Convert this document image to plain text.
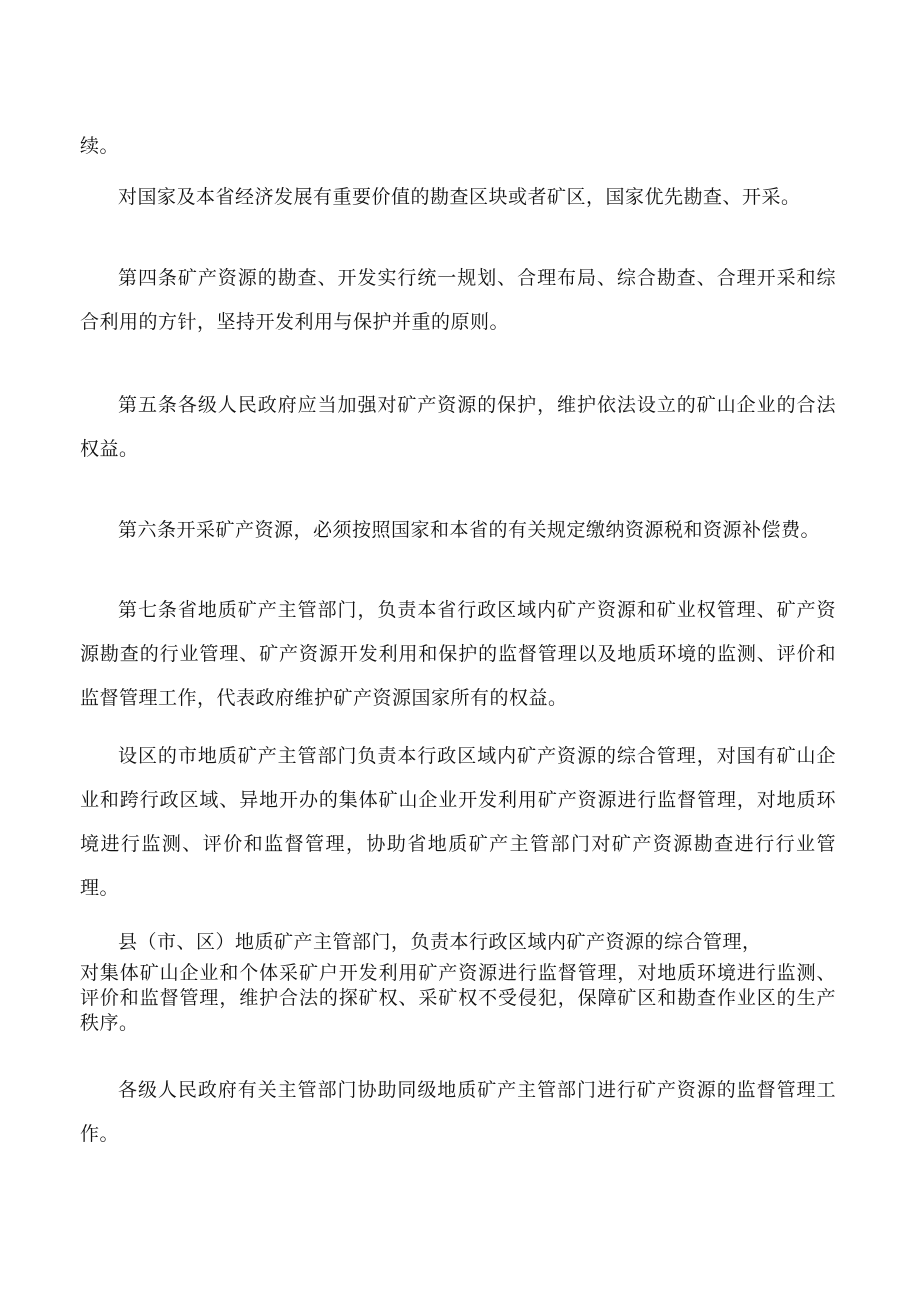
续。

对国家及本省经济发展有重要价值的勘查区块或者矿区，国家优先勘查、开采。

第四条矿产资源的勘查、开发实行统一规划、合理布局、综合勘查、合理开采和综合利用的方针，坚持开发利用与保护并重的原则。

第五条各级人民政府应当加强对矿产资源的保护，维护依法设立的矿山企业的合法权益。

第六条开采矿产资源，必须按照国家和本省的有关规定缴纳资源税和资源补偿费。

第七条省地质矿产主管部门，负责本省行政区域内矿产资源和矿业权管理、矿产资源勘查的行业管理、矿产资源开发利用和保护的监督管理以及地质环境的监测、评价和监督管理工作，代表政府维护矿产资源国家所有的权益。

设区的市地质矿产主管部门负责本行政区域内矿产资源的综合管理，对国有矿山企业和跨行政区域、异地开办的集体矿山企业开发利用矿产资源进行监督管理，对地质环境进行监测、评价和监督管理，协助省地质矿产主管部门对矿产资源勘查进行行业管理。

县（市、区）地质矿产主管部门，负责本行政区域内矿产资源的综合管理，

对集体矿山企业和个体采矿户开发利用矿产资源进行监督管理，对地质环境进行监测、评价和监督管理，维护合法的探矿权、采矿权不受侵犯，保障矿区和勘查作业区的生产秩序。

各级人民政府有关主管部门协助同级地质矿产主管部门进行矿产资源的监督管理工作。
